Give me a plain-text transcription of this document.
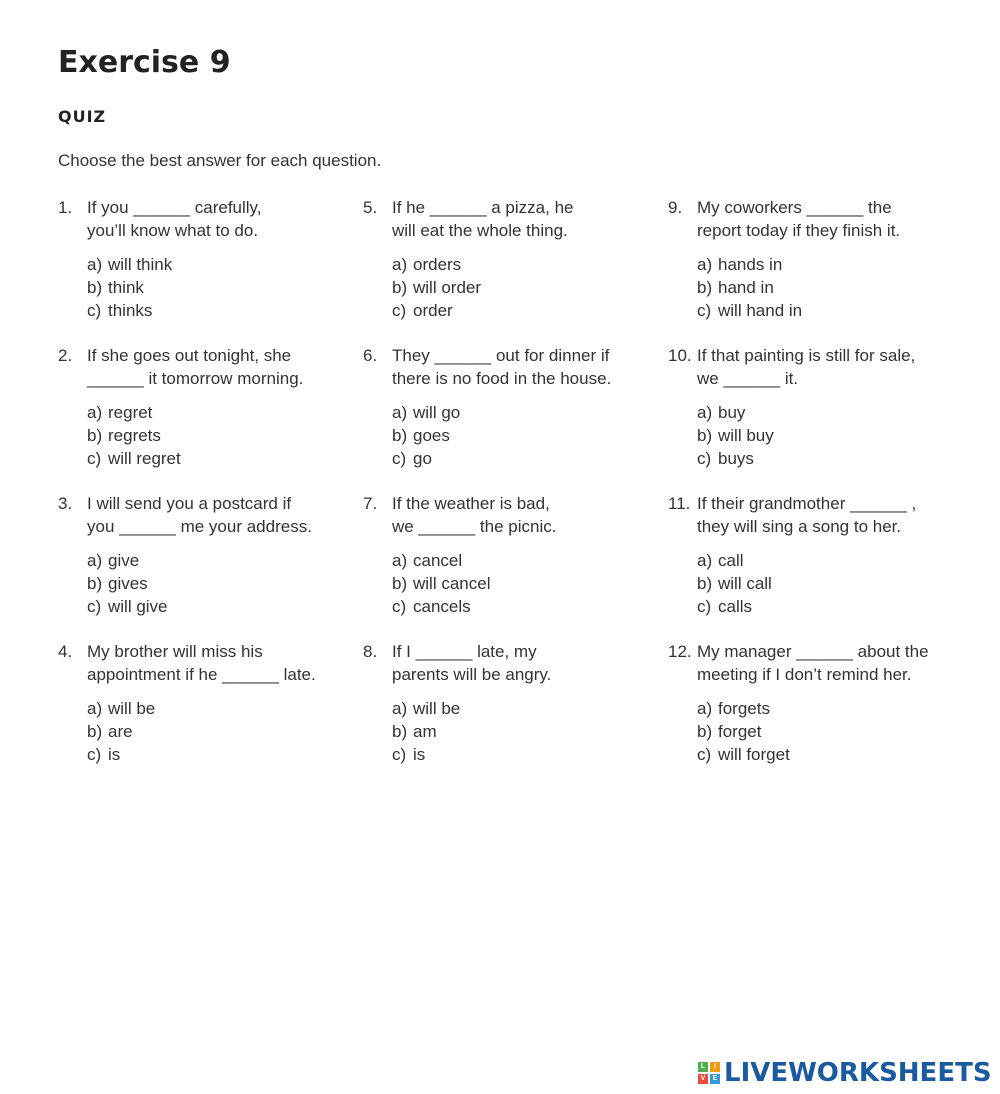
Exercise 9
QUIZ
Choose the best answer for each question.
1. If you ______ carefully,
you’ll know what to do.
a) will think
b) think
c) thinks
2. If she goes out tonight, she
______ it tomorrow morning.
a) regret
b) regrets
c) will regret
3. I will send you a postcard if
you ______ me your address.
a) give
b) gives
c) will give
4. My brother will miss his
appointment if he ______ late.
a) will be
b) are
c) is
5. If he ______ a pizza, he
will eat the whole thing.
a) orders
b) will order
c) order
6. They ______ out for dinner if
there is no food in the house.
a) will go
b) goes
c) go
7. If the weather is bad,
we ______ the picnic.
a) cancel
b) will cancel
c) cancels
8. If I ______ late, my
parents will be angry.
a) will be
b) am
c) is
9. My coworkers ______ the
report today if they finish it.
a) hands in
b) hand in
c) will hand in
10. If that painting is still for sale,
we ______ it.
a) buy
b) will buy
c) buys
11. If their grandmother ______ ,
they will sing a song to her.
a) call
b) will call
c) calls
12. My manager ______ about the
meeting if I don’t remind her.
a) forgets
b) forget
c) will forget
L	I
V	E LIVEWORKSHEETS
